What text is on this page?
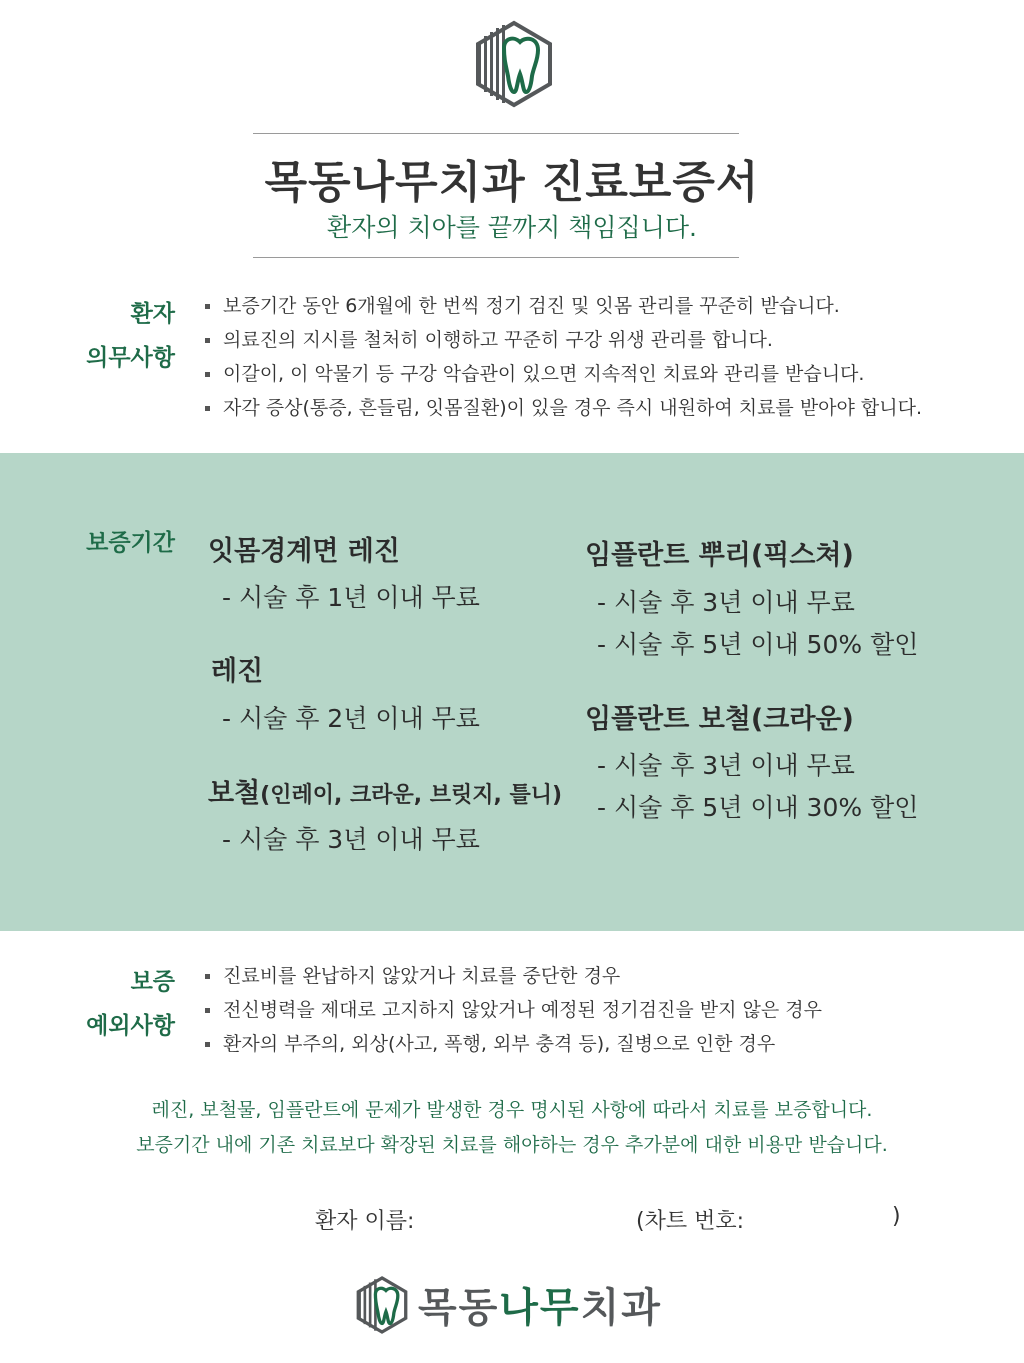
목동나무치과 진료보증서
환자의 치아를 끝까지 책임집니다.
환자
의무사항
보증기간 동안 6개월에 한 번씩 정기 검진 및 잇몸 관리를 꾸준히 받습니다.
의료진의 지시를 철처히 이행하고 꾸준히 구강 위생 관리를 합니다.
이갈이, 이 악물기 등 구강 악습관이 있으면 지속적인 치료와 관리를 받습니다.
자각 증상(통증, 흔들림, 잇몸질환)이 있을 경우 즉시 내원하여 치료를 받아야 합니다.
보증기간 잇몸경계면 레진
- 시술 후 1년 이내 무료
레진
- 시술 후 2년 이내 무료
보철(인레이, 크라운, 브릿지, 틀니)
- 시술 후 3년 이내 무료
임플란트 뿌리(픽스쳐)
- 시술 후 3년 이내 무료
- 시술 후 5년 이내 50% 할인
임플란트 보철(크라운)
- 시술 후 3년 이내 무료
- 시술 후 5년 이내 30% 할인
보증
예외사항
진료비를 완납하지 않았거나 치료를 중단한 경우
전신병력을 제대로 고지하지 않았거나 예정된 정기검진을 받지 않은 경우
환자의 부주의, 외상(사고, 폭행, 외부 충격 등), 질병으로 인한 경우
레진, 보철물, 임플란트에 문제가 발생한 경우 명시된 사항에 따라서 치료를 보증합니다.
보증기간 내에 기존 치료보다 확장된 치료를 해야하는 경우 추가분에 대한 비용만 받습니다.
환자 이름:	(차트 번호:	)
목동나무치과
